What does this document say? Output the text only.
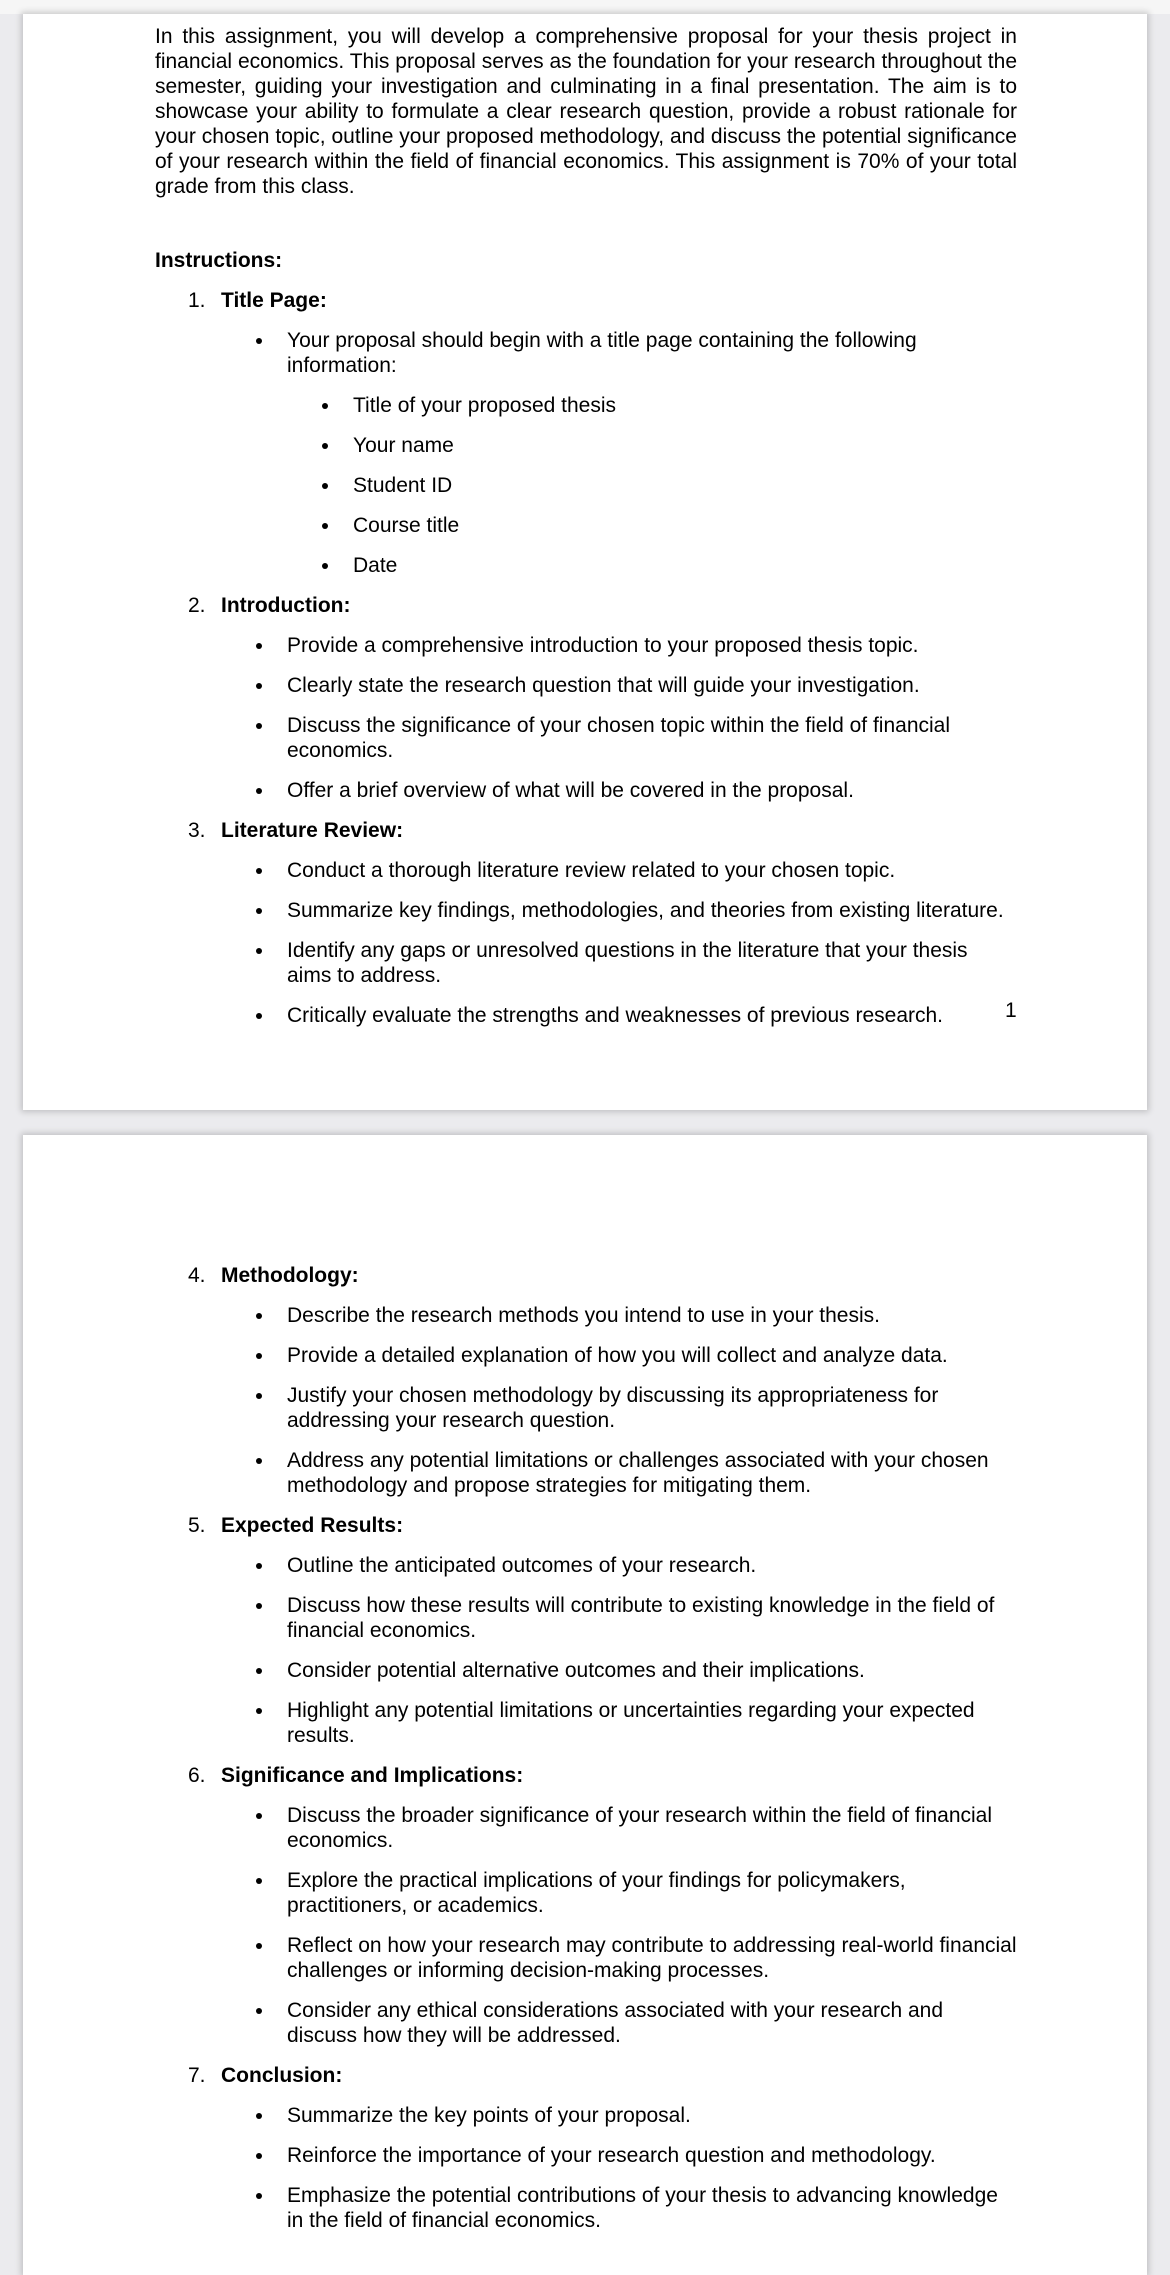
In this assignment, you will develop a comprehensive proposal for your thesis project in financial economics. This proposal serves as the foundation for your research throughout the semester, guiding your investigation and culminating in a final presentation. The aim is to showcase your ability to formulate a clear research question, provide a robust rationale for your chosen topic, outline your proposed methodology, and discuss the potential significance of your research within the field of financial economics. This assignment is 70% of your total grade from this class.

Instructions:
1. Title Page:
Your proposal should begin with a title page containing the following information:
Title of your proposed thesis
Your name
Student ID
Course title
Date
2. Introduction:
Provide a comprehensive introduction to your proposed thesis topic.
Clearly state the research question that will guide your investigation.
Discuss the significance of your chosen topic within the field of financial economics.
Offer a brief overview of what will be covered in the proposal.
3. Literature Review:
Conduct a thorough literature review related to your chosen topic.
Summarize key findings, methodologies, and theories from existing literature.
Identify any gaps or unresolved questions in the literature that your thesis aims to address.
Critically evaluate the strengths and weaknesses of previous research.	1
4. Methodology:
Describe the research methods you intend to use in your thesis.
Provide a detailed explanation of how you will collect and analyze data.
Justify your chosen methodology by discussing its appropriateness for addressing your research question.
Address any potential limitations or challenges associated with your chosen methodology and propose strategies for mitigating them.
5. Expected Results:
Outline the anticipated outcomes of your research.
Discuss how these results will contribute to existing knowledge in the field of financial economics.
Consider potential alternative outcomes and their implications.
Highlight any potential limitations or uncertainties regarding your expected results.
6. Significance and Implications:
Discuss the broader significance of your research within the field of financial economics.
Explore the practical implications of your findings for policymakers, practitioners, or academics.
Reflect on how your research may contribute to addressing real-world financial challenges or informing decision-making processes.
Consider any ethical considerations associated with your research and discuss how they will be addressed.
7. Conclusion:
Summarize the key points of your proposal.
Reinforce the importance of your research question and methodology.
Emphasize the potential contributions of your thesis to advancing knowledge in the field of financial economics.
